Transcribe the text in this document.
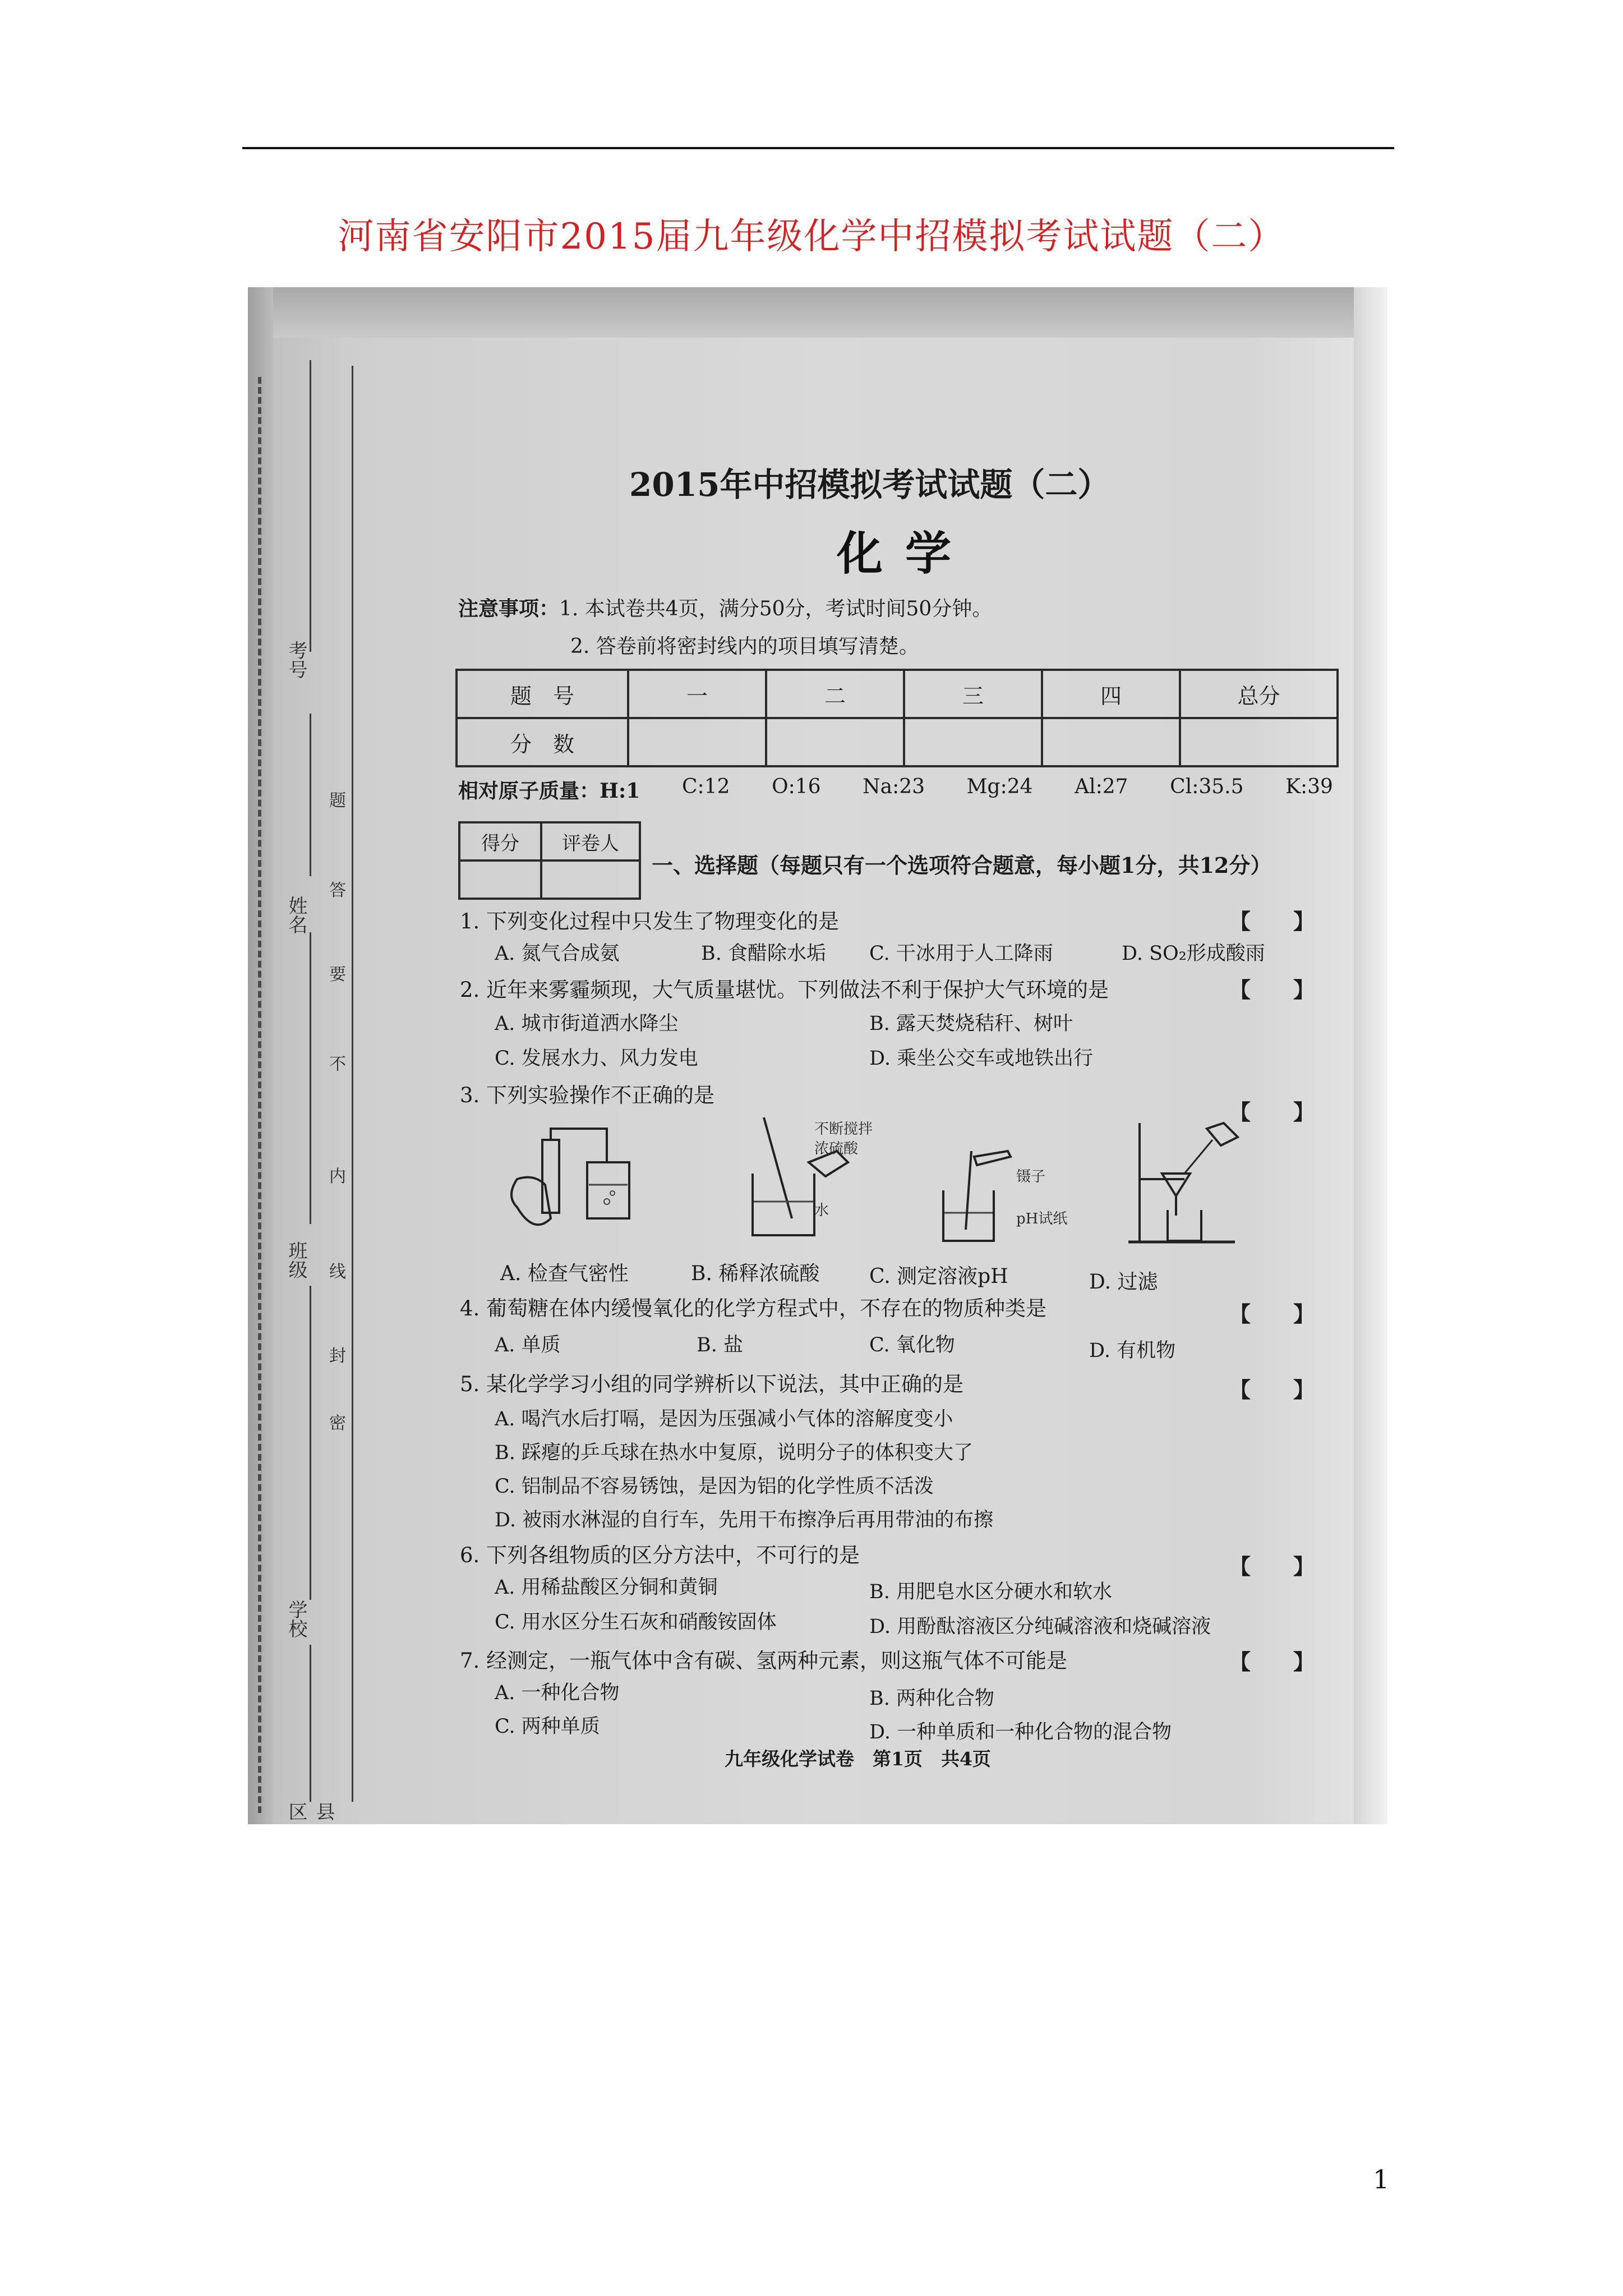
河南省安阳市2015届九年级化学中招模拟考试试题（二）
考号
姓名
班级
学校
县区
题
答
要
不
内
线
封
密
2015年中招模拟考试试题（二）
化学
注意事项：1. 本试卷共4页，满分50分，考试时间50分钟。
2. 答卷前将密封线内的项目填写清楚。
题　号	一	二	三	四	总分
分　数					
相对原子质量：H:1 C:12 O:16 Na:23 Mg:24 Al:27 Cl:35.5 K:39
得分	评卷人

一、选择题（每题只有一个选项符合题意，每小题1分，共12分）
1. 下列变化过程中只发生了物理变化的是	【　　】
A. 氮气合成氨	B. 食醋除水垢 C. 干冰用于人工降雨	D. SO₂形成酸雨
2. 近年来雾霾频现，大气质量堪忧。下列做法不利于保护大气环境的是	【　　】
A. 城市街道洒水降尘	B. 露天焚烧秸秆、树叶
C. 发展水力、风力发电	D. 乘坐公交车或地铁出行
3. 下列实验操作不正确的是
【　　】
不断搅拌
浓硫酸
水
镊子
pH试纸
A. 检查气密性	B. 稀释浓硫酸 C. 测定溶液pH	D. 过滤
4. 葡萄糖在体内缓慢氧化的化学方程式中，不存在的物质种类是	【　　】
A. 单质	B. 盐	C. 氧化物	D. 有机物
5. 某化学学习小组的同学辨析以下说法，其中正确的是	【　　】
A. 喝汽水后打嗝，是因为压强减小气体的溶解度变小
B. 踩瘪的乒乓球在热水中复原，说明分子的体积变大了
C. 铝制品不容易锈蚀，是因为铝的化学性质不活泼
D. 被雨水淋湿的自行车，先用干布擦净后再用带油的布擦
6. 下列各组物质的区分方法中，不可行的是	【　　】
A. 用稀盐酸区分铜和黄铜	B. 用肥皂水区分硬水和软水
C. 用水区分生石灰和硝酸铵固体	D. 用酚酞溶液区分纯碱溶液和烧碱溶液
7. 经测定，一瓶气体中含有碳、氢两种元素，则这瓶气体不可能是	【　　】
A. 一种化合物	B. 两种化合物
C. 两种单质	D. 一种单质和一种化合物的混合物
九年级化学试卷　第1页　共4页
1
